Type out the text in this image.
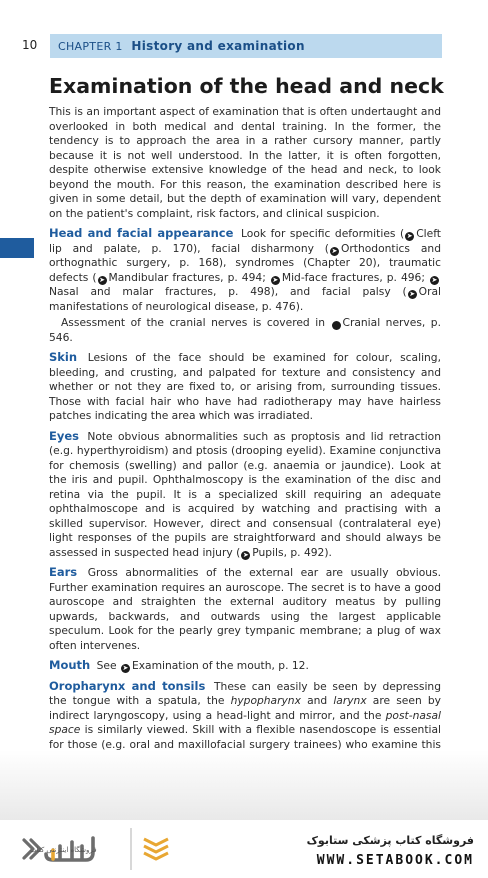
10 CHAPTER 1 History and examination
Examination of the head and neck

This is an important aspect of examination that is often undertaught and overlooked in both medical and dental training. In the former, the tendency is to approach the area in a rather cursory manner, partly because it is not well understood. In the latter, it is often forgotten, despite otherwise extensive knowledge of the head and neck, to look beyond the mouth. For this reason, the examination described here is given in some detail, but the depth of examination will vary, dependent on the patient's complaint, risk factors, and clinical suspicion.

Head and facial appearance Look for specific deformities (➤ Cleft lip and palate, p. 170), facial disharmony ( ➤ Orthodontics and orthognathic surgery, p. 168), syndromes (Chapter 20), traumatic defects ( ➤ Mandibular fractures, p. 494; ➤ Mid-face fractures, p. 496; ➤Nasal and malar fractures, p. 498), and facial palsy ( ➤ Oral manifestations of neurological disease, p. 476).

Assessment of the cranial nerves is covered in ➤ Cranial nerves, p. 546.

Skin Lesions of the face should be examined for colour, scaling, bleeding, and crusting, and palpated for texture and consistency and whether or not they are fixed to, or arising from, surrounding tissues. Those with facial hair who have had radiotherapy may have hairless patches indicating the area which was irradiated.

Eyes Note obvious abnormalities such as proptosis and lid retraction (e.g. hyperthyroidism) and ptosis (drooping eyelid). Examine conjunctiva for chemosis (swelling) and pallor (e.g. anaemia or jaundice). Look at the iris and pupil. Ophthalmoscopy is the examination of the disc and retina via the pupil. It is a specialized skill requiring an adequate ophthalmoscope and is acquired by watching and practising with a skilled supervisor. However, direct and consensual (contralateral eye) light responses of the pupils are straightforward and should always be assessed in suspected head injury ( ➤ Pupils, p. 492).

Ears Gross abnormalities of the external ear are usually obvious. Further examination requires an auroscope. The secret is to have a good auroscope and straighten the external auditory meatus by pulling upwards, backwards, and outwards using the largest applicable speculum. Look for the pearly grey tympanic membrane; a plug of wax often intervenes.

Mouth See ➤ Examination of the mouth, p. 12.

Oropharynx and tonsils These can easily be seen by depressing the tongue with a spatula, the hypopharynx and larynx are seen by indirect laryngoscopy, using a head-light and mirror, and the post-nasal space is similarly viewed. Skill with a flexible nasendoscope is essential for those (e.g. oral and maxillofacial surgery trainees) who examine this

فروشگاه کتاب پزشکی ستابوک
WWW.SETABOOK.COM
فروشگاه اینترنتی کتاب
